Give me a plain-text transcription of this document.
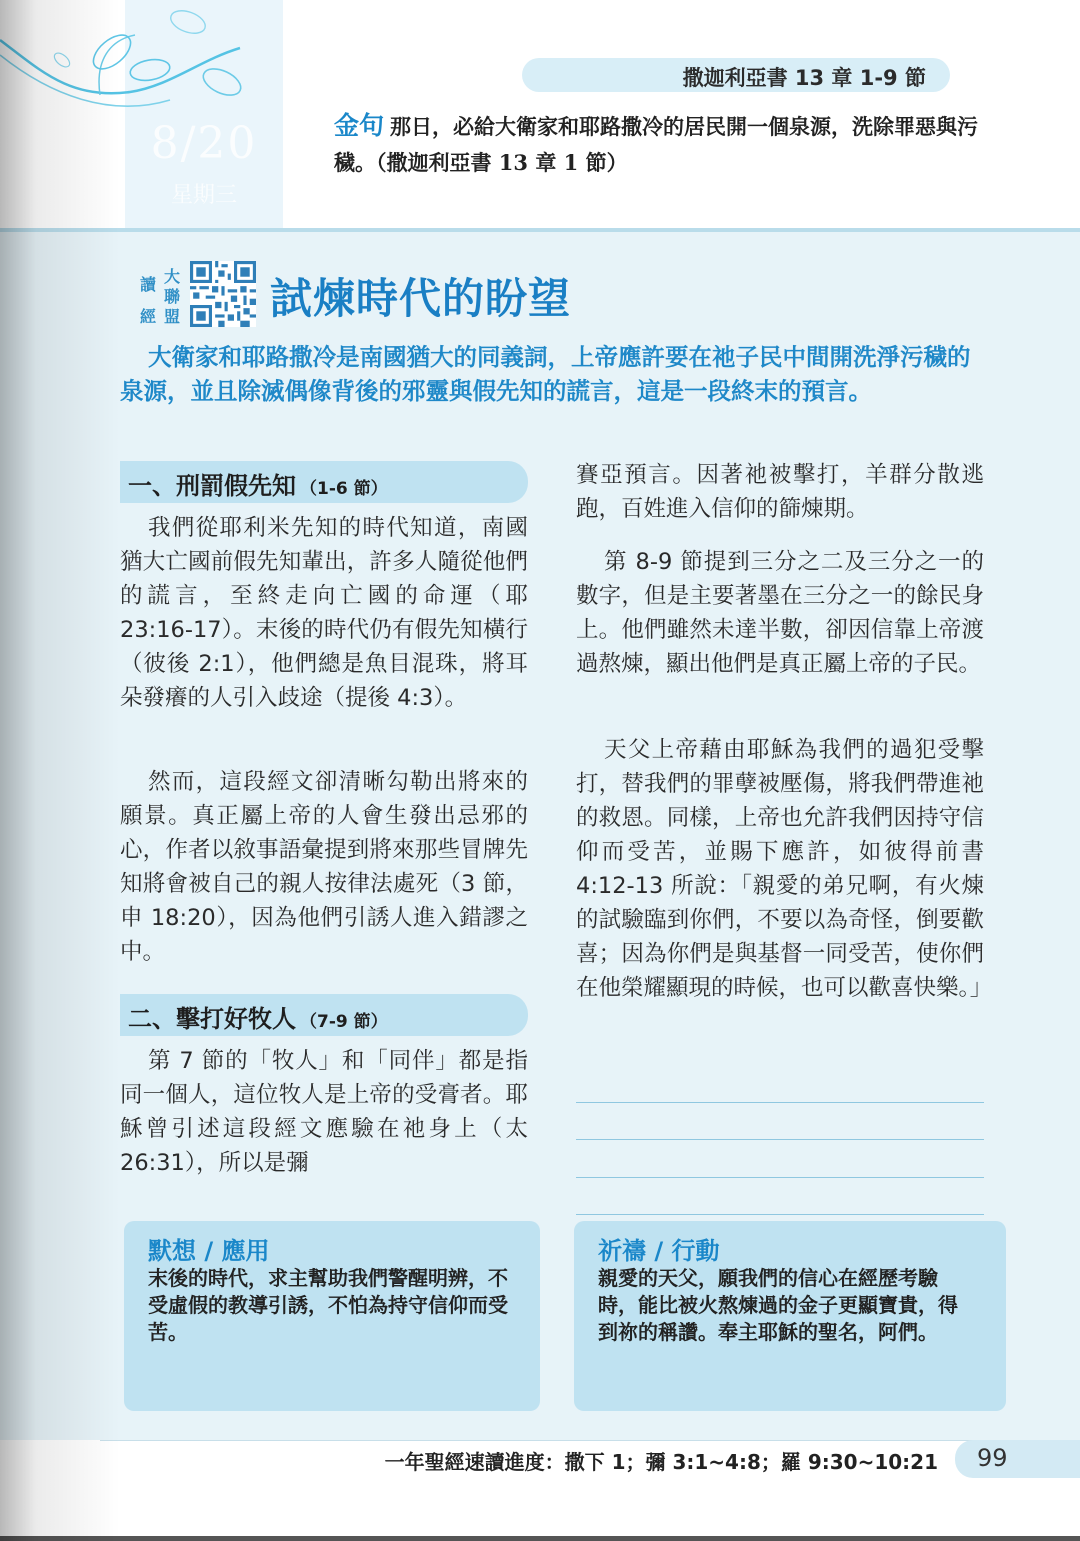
8/20
星期三
撒迦利亞書 13 章 1-9 節
金句 那日，必給大衛家和耶路撒冷的居民開一個泉源，洗除罪惡與污穢。（撒迦利亞書 13 章 1 節）
讀 大
聯
經 盟 試煉時代的盼望

大衛家和耶路撒冷是南國猶大的同義詞，上帝應許要在祂子民中間開洗淨污穢的泉源，並且除滅偶像背後的邪靈與假先知的謊言，這是一段終末的預言。

一、刑罰假先知 （1-6 節）

我們從耶利米先知的時代知道，南國猶大亡國前假先知輩出，許多人隨從他們的謊言，至終走向亡國的命運（耶 23:16-17）。末後的時代仍有假先知橫行（彼後 2:1），他們總是魚目混珠，將耳朵發癢的人引入歧途（提後 4:3）。

然而，這段經文卻清晰勾勒出將來的願景。真正屬上帝的人會生發出忌邪的心，作者以敘事語彙提到將來那些冒牌先知將會被自己的親人按律法處死（3 節，申 18:20），因為他們引誘人進入錯謬之中。

二、擊打好牧人 （7-9 節）

第 7 節的「牧人」和「同伴」都是指同一個人，這位牧人是上帝的受膏者。耶穌曾引述這段經文應驗在祂身上（太 26:31），所以是彌

賽亞預言。因著祂被擊打，羊群分散逃跑，百姓進入信仰的篩煉期。

第 8-9 節提到三分之二及三分之一的數字，但是主要著墨在三分之一的餘民身上。他們雖然未達半數，卻因信靠上帝渡過熬煉，顯出他們是真正屬上帝的子民。

天父上帝藉由耶穌為我們的過犯受擊打，替我們的罪孽被壓傷，將我們帶進祂的救恩。同樣，上帝也允許我們因持守信仰而受苦，並賜下應許，如彼得前書 4:12-13 所說：「親愛的弟兄啊，有火煉的試驗臨到你們，不要以為奇怪，倒要歡喜；因為你們是與基督一同受苦，使你們在他榮耀顯現的時候，也可以歡喜快樂。」

默想 / 應用
末後的時代，求主幫助我們警醒明辨，不受虛假的教導引誘，不怕為持守信仰而受苦。
祈禱 / 行動
親愛的天父，願我們的信心在經歷考驗時，能比被火熬煉過的金子更顯寶貴，得到祢的稱讚。奉主耶穌的聖名，阿們。
一年聖經速讀進度：撒下 1；彌 3:1~4:8；羅 9:30~10:21 99
